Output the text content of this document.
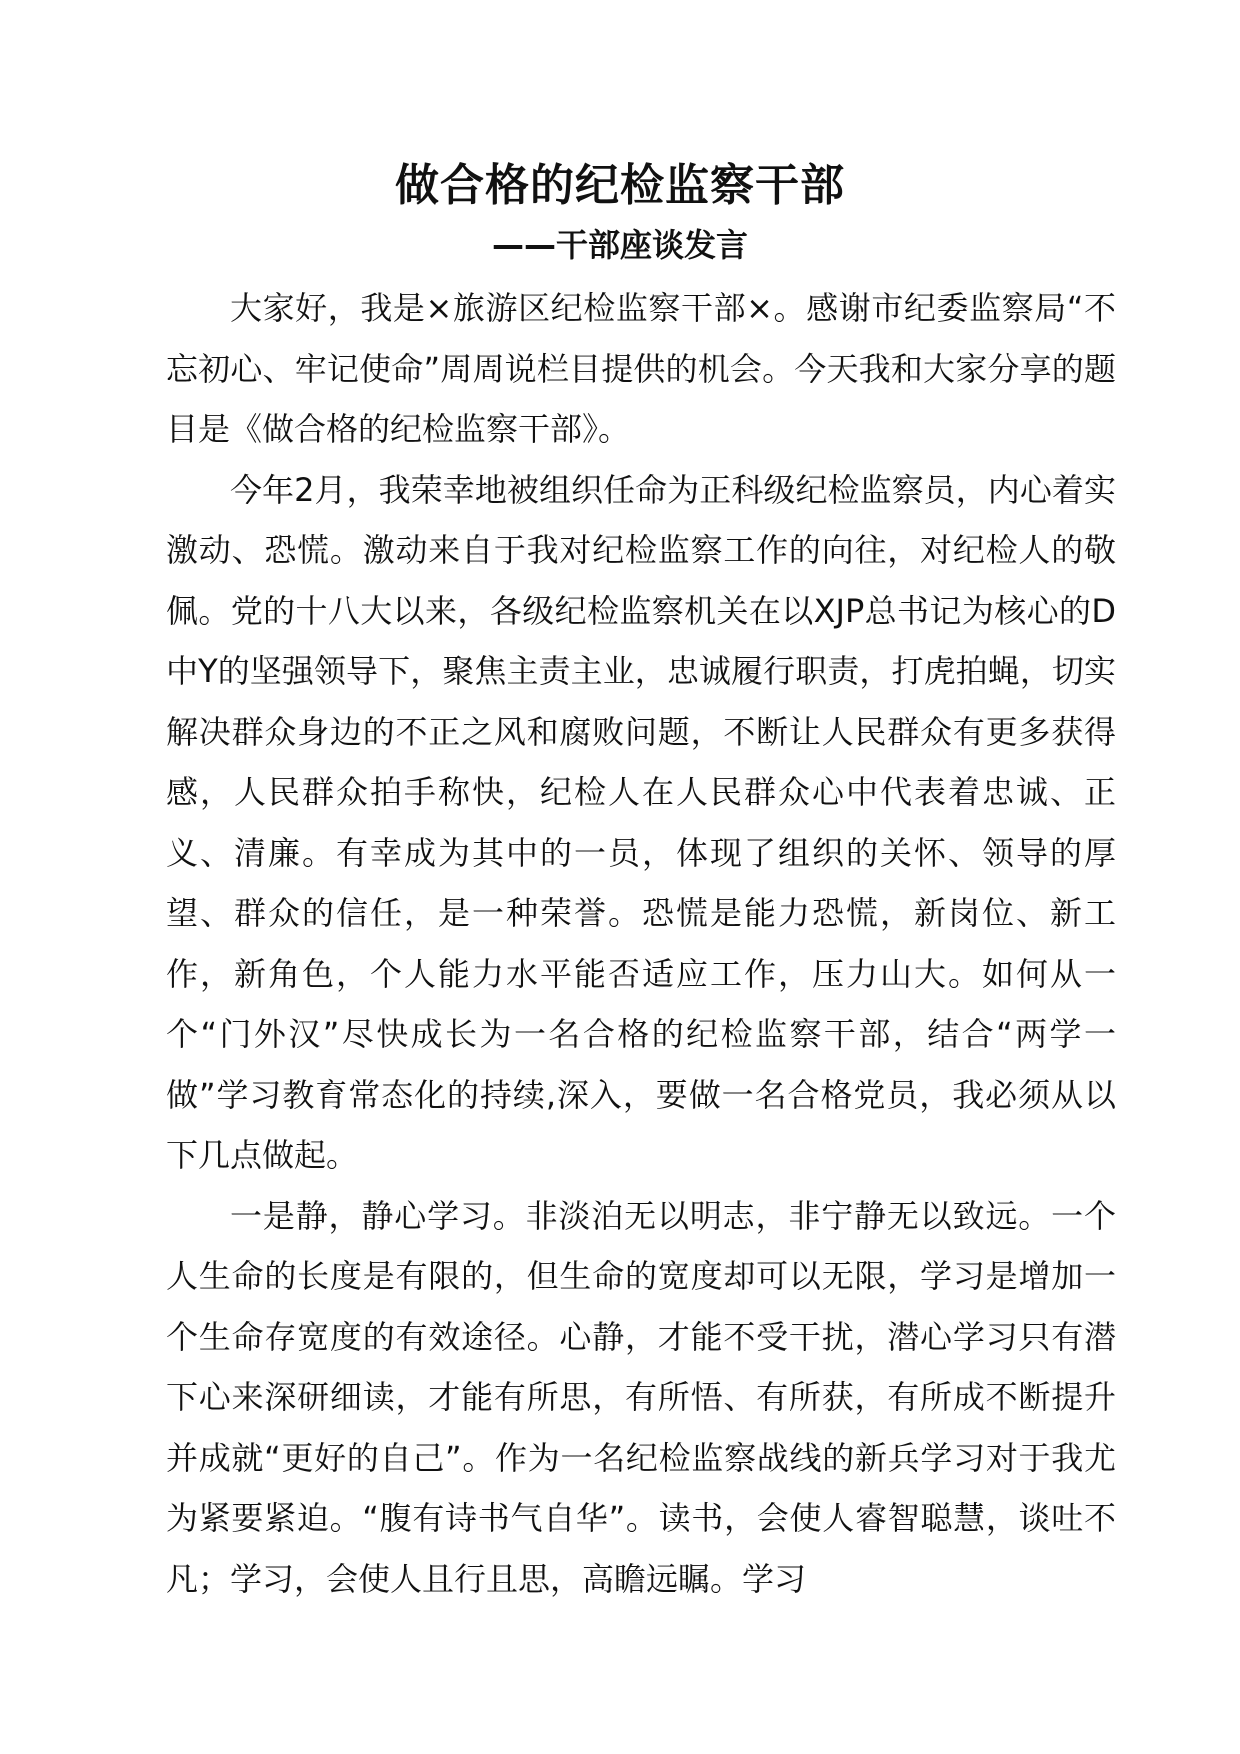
做合格的纪检监察干部
——干部座谈发言

大家好，我是×旅游区纪检监察干部×。感谢市纪委监察局“不忘初心、牢记使命”周周说栏目提供的机会。今天我和大家分享的题目是《做合格的纪检监察干部》。

今年2月，我荣幸地被组织任命为正科级纪检监察员，内心着实激动、恐慌。激动来自于我对纪检监察工作的向往，对纪检人的敬佩。党的十八大以来，各级纪检监察机关在以XJP总书记为核心的D中Y的坚强领导下，聚焦主责主业，忠诚履行职责，打虎拍蝇，切实解决群众身边的不正之风和腐败问题，不断让人民群众有更多获得感，人民群众拍手称快，纪检人在人民群众心中代表着忠诚、正义、清廉。有幸成为其中的一员，体现了组织的关怀、领导的厚望、群众的信任，是一种荣誉。恐慌是能力恐慌，新岗位、新工作，新角色，个人能力水平能否适应工作，压力山大。如何从一个“门外汉”尽快成长为一名合格的纪检监察干部，结合“两学一做”学习教育常态化的持续,深入，要做一名合格党员，我必须从以下几点做起。

一是静，静心学习。非淡泊无以明志，非宁静无以致远。一个人生命的长度是有限的，但生命的宽度却可以无限，学习是增加一个生命存宽度的有效途径。心静，才能不受干扰，潜心学习只有潜下心来深研细读，才能有所思，有所悟、有所获，有所成不断提升并成就“更好的自己”。作为一名纪检监察战线的新兵学习对于我尤为紧要紧迫。“腹有诗书气自华”。读书，会使人睿智聪慧，谈吐不凡；学习，会使人且行且思，高瞻远瞩。学习
